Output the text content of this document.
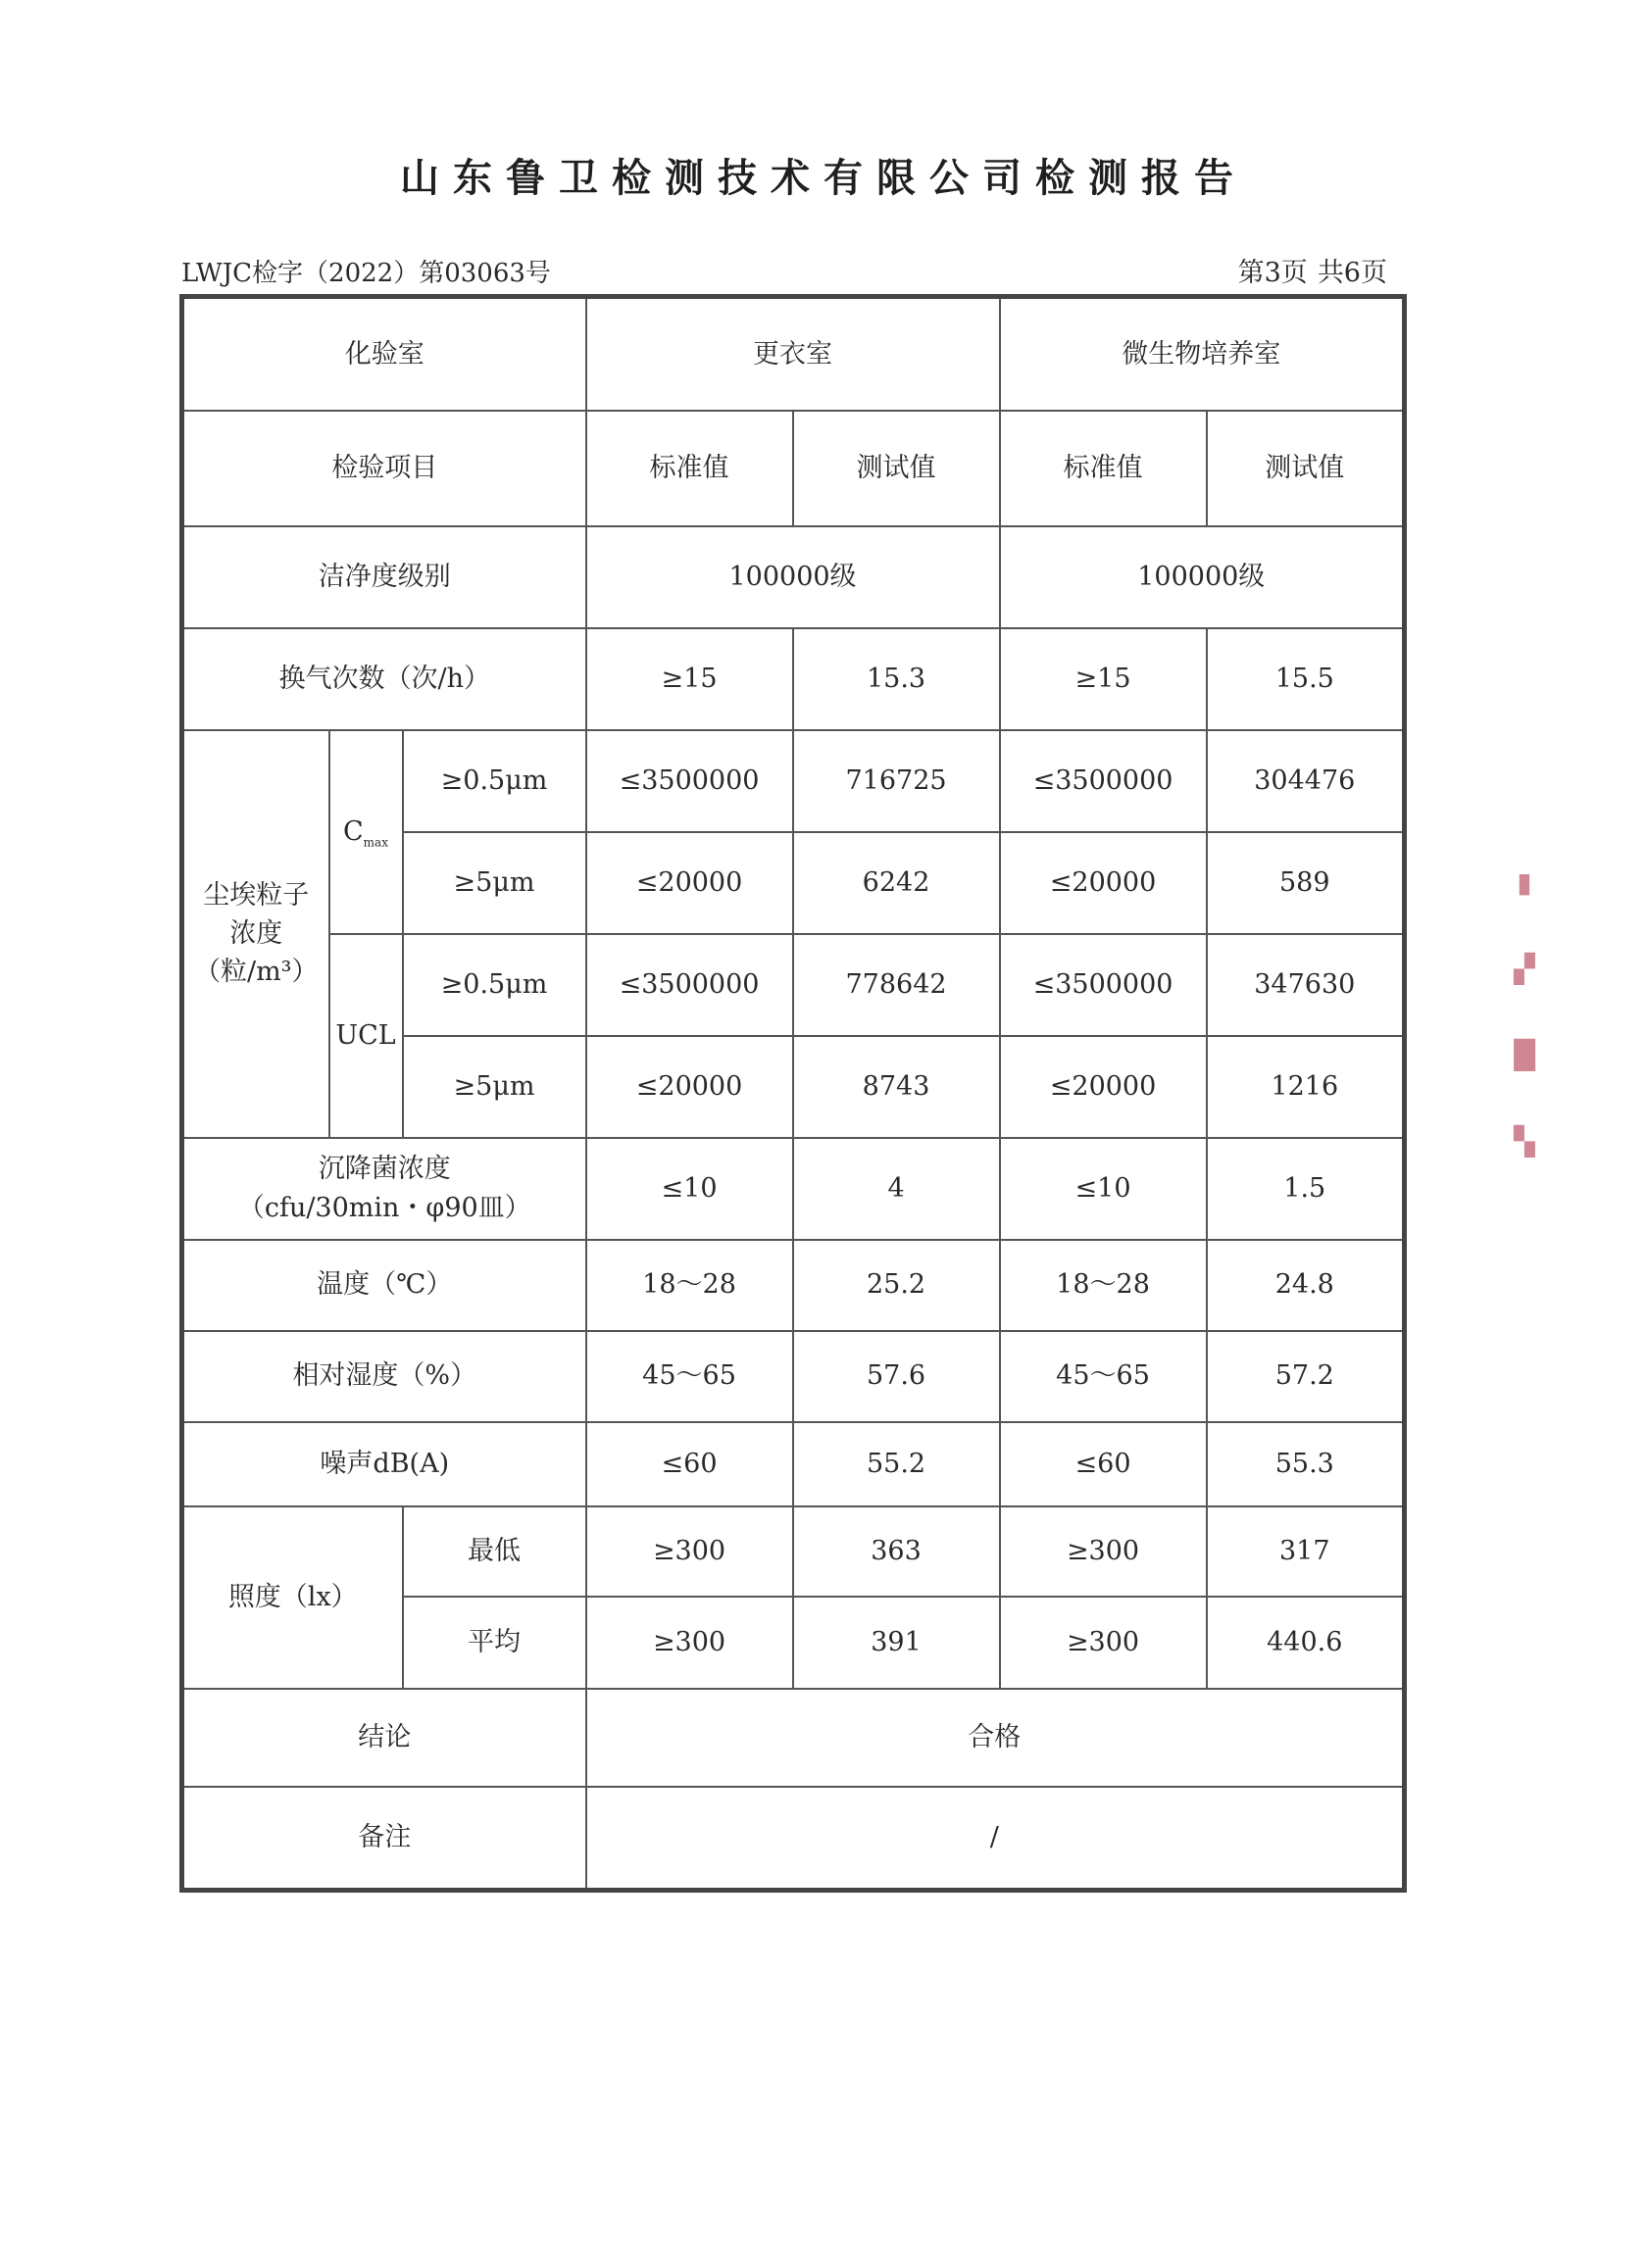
山东鲁卫检测技术有限公司检测报告
LWJC检字（2022）第03063号	第3页 共6页
化验室			更衣室		微生物培养室	
检验项目			标准值	测试值	标准值	测试值
洁净度级别			100000级		100000级	
换气次数（次/h）			≥15	15.3	≥15	15.5

尘埃粒子
浓度
（粒/m³）	$C_{max}$	≥0.5μm	≤3500000	716725	≤3500000	304476
		≥5μm	≤20000	6242	≤20000	589
	UCL	≥0.5μm	≤3500000	778642	≤3500000	347630
		≥5μm	≤20000	8743	≤20000	1216

沉降菌浓度
（cfu/30min・φ90皿）			≤10	4	≤10	1.5
温度（℃）			18～28	25.2	18～28	24.8
相对湿度（%）			45～65	57.6	45～65	57.2
噪声dB(A)			≤60	55.2	≤60	55.3
照度（lx）		最低	≥300	363	≥300	317
		平均	≥300	391	≥300	440.6
结论			合格			
备注			/			
▮
▞
█
▚
